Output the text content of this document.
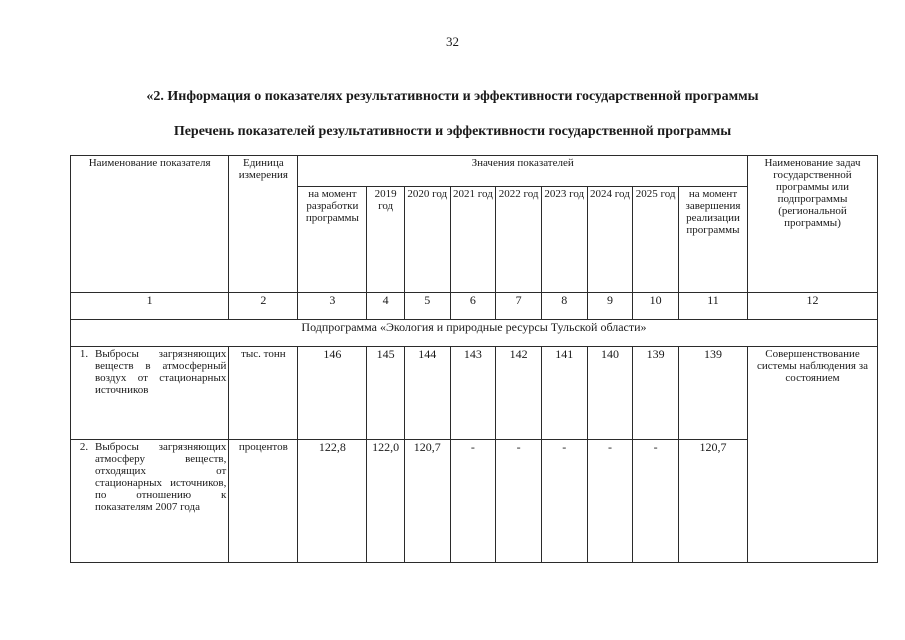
32
«2. Информация о показателях результативности и эффективности государственной программы
Перечень показателей результативности и эффективности государственной программы
Наименование показателя	Единица измерения	Значения показателей									Наименование задач государственной программы или подпрограммы (региональной программы)
		на момент разработки программы	2019 год	2020 год	2021 год	2022 год	2023 год	2024 год	2025 год	на момент завершения реализации программы	
1	2	3	4	5	6	7	8	9	10	11	12
Подпрограмма «Экология и природные ресурсы Тульской области»											

1. Выбросы загрязняющих веществ в атмосферный воздух от стационарных источников	тыс. тонн	146	145	144	143	142	141	140	139	139	Совершенствование системы наблюдения за состоянием

2. Выбросы загрязняющих атмосферу веществ, отходящих от стационарных источников, по отношению к показателям 2007 года	процентов	122,8	122,0	120,7	-	-	-	-	-	120,7	
